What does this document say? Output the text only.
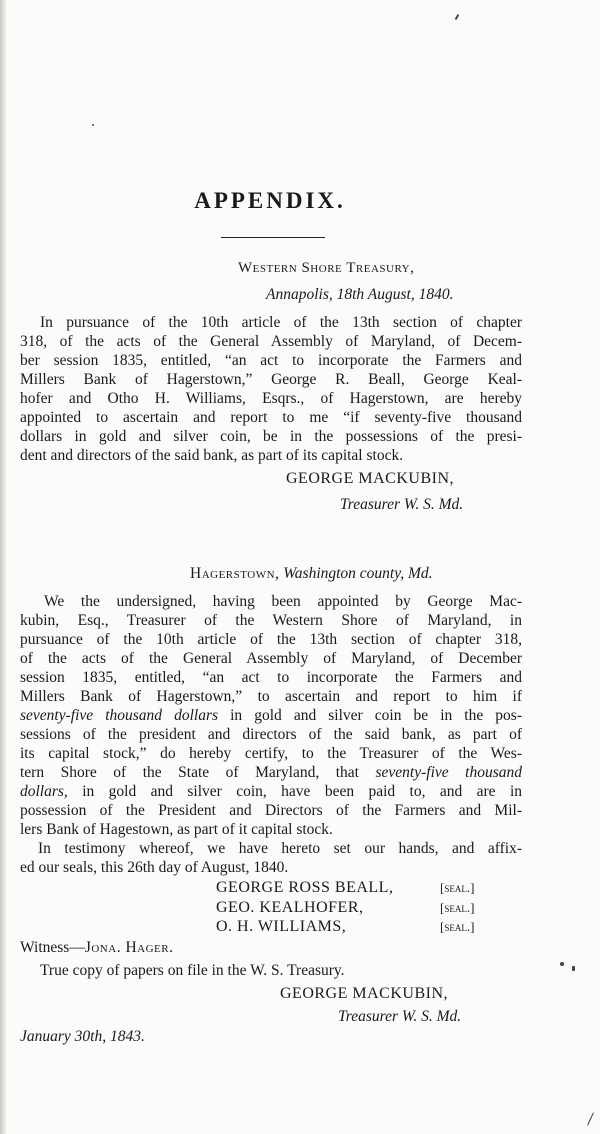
APPENDIX.
Western Shore Treasury,
Annapolis, 18th August, 1840.
In pursuance of the 10th article of the 13th section of chapter
318, of the acts of the General Assembly of Maryland, of Decem-
ber session 1835, entitled, “an act to incorporate the Farmers and
Millers Bank of Hagerstown,” George R. Beall, George Keal-
hofer and Otho H. Williams, Esqrs., of Hagerstown, are hereby
appointed to ascertain and report to me “if seventy-five thousand
dollars in gold and silver coin, be in the possessions of the presi-
dent and directors of the said bank, as part of its capital stock.
GEORGE MACKUBIN,
Treasurer W. S. Md.
Hagerstown, Washington county, Md.
We the undersigned, having been appointed by George Mac-
kubin, Esq., Treasurer of the Western Shore of Maryland, in
pursuance of the 10th article of the 13th section of chapter 318,
of the acts of the General Assembly of Maryland, of December
session 1835, entitled, “an act to incorporate the Farmers and
Millers Bank of Hagerstown,” to ascertain and report to him if
seventy-five thousand dollars in gold and silver coin be in the pos-
sessions of the president and directors of the said bank, as part of
its capital stock,” do hereby certify, to the Treasurer of the Wes-
tern Shore of the State of Maryland, that seventy-five thousand
dollars, in gold and silver coin, have been paid to, and are in
possession of the President and Directors of the Farmers and Mil-
lers Bank of Hagestown, as part of it capital stock.
In testimony whereof, we have hereto set our hands, and affix-
ed our seals, this 26th day of August, 1840.
GEORGE ROSS BEALL,	[seal.]
GEO. KEALHOFER,	[seal.]
O. H. WILLIAMS,	[seal.]
Witness—Jona. Hager.
True copy of papers on file in the W. S. Treasury.
GEORGE MACKUBIN,
Treasurer W. S. Md.
January 30th, 1843.
